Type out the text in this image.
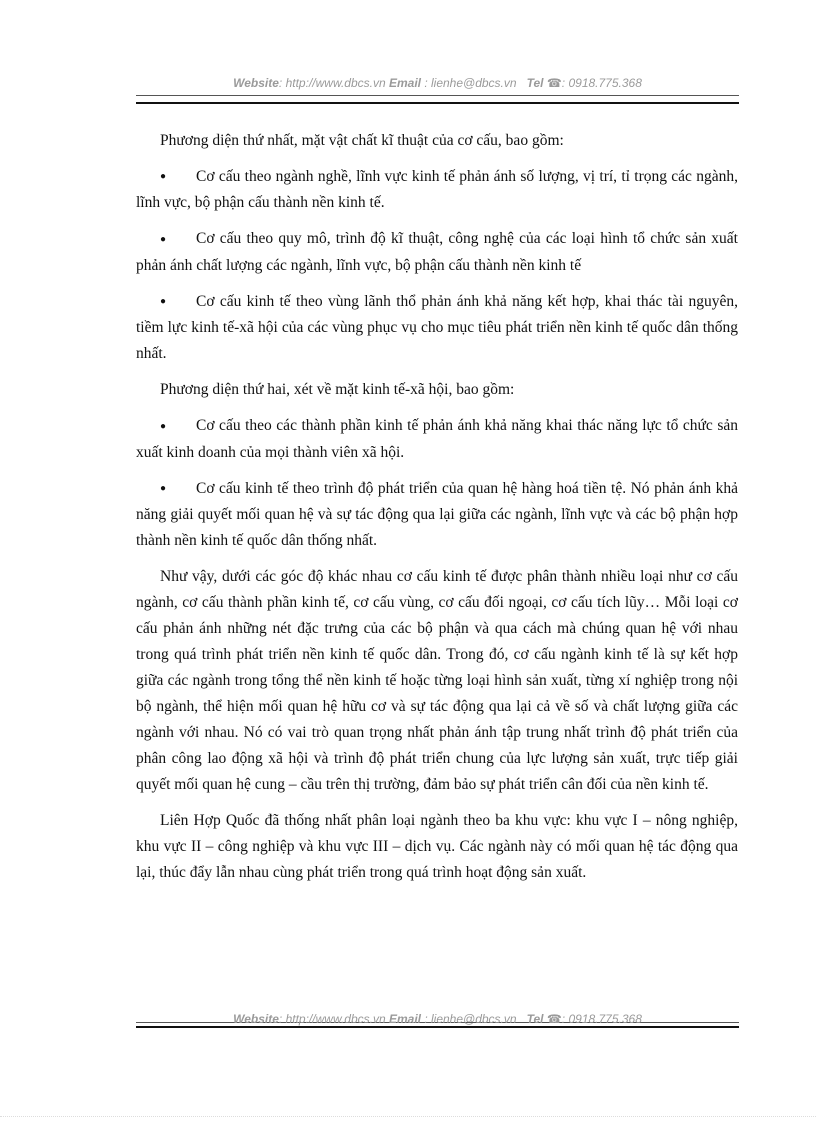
Website: http://www.dbcs.vn Email : lienhe@dbcs.vn Tel ☎: 0918.775.368

Phương diện thứ nhất, mặt vật chất kĩ thuật của cơ cấu, bao gồm:

● Cơ cấu theo ngành nghề, lĩnh vực kinh tế phản ánh số lượng, vị trí, tỉ trọng các ngành, lĩnh vực, bộ phận cấu thành nền kinh tế.

● Cơ cấu theo quy mô, trình độ kĩ thuật, công nghệ của các loại hình tổ chức sản xuất phản ánh chất lượng các ngành, lĩnh vực, bộ phận cấu thành nền kinh tế

● Cơ cấu kinh tế theo vùng lãnh thổ phản ánh khả năng kết hợp, khai thác tài nguyên, tiềm lực kinh tế-xã hội của các vùng phục vụ cho mục tiêu phát triển nền kinh tế quốc dân thống nhất.

Phương diện thứ hai, xét về mặt kinh tế-xã hội, bao gồm:

● Cơ cấu theo các thành phần kinh tế phản ánh khả năng khai thác năng lực tổ chức sản xuất kinh doanh của mọi thành viên xã hội.

● Cơ cấu kinh tế theo trình độ phát triển của quan hệ hàng hoá tiền tệ. Nó phản ánh khả năng giải quyết mối quan hệ và sự tác động qua lại giữa các ngành, lĩnh vực và các bộ phận hợp thành nền kinh tế quốc dân thống nhất.

Như vậy, dưới các góc độ khác nhau cơ cấu kinh tế được phân thành nhiều loại như cơ cấu ngành, cơ cấu thành phần kinh tế, cơ cấu vùng, cơ cấu đối ngoại, cơ cấu tích lũy… Mỗi loại cơ cấu phản ánh những nét đặc trưng của các bộ phận và qua cách mà chúng quan hệ với nhau trong quá trình phát triển nền kinh tế quốc dân. Trong đó, cơ cấu ngành kinh tế là sự kết hợp giữa các ngành trong tổng thể nền kinh tế hoặc từng loại hình sản xuất, từng xí nghiệp trong nội bộ ngành, thể hiện mối quan hệ hữu cơ và sự tác động qua lại cả về số và chất lượng giữa các ngành với nhau. Nó có vai trò quan trọng nhất phản ánh tập trung nhất trình độ phát triển của phân công lao động xã hội và trình độ phát triển chung của lực lượng sản xuất, trực tiếp giải quyết mối quan hệ cung – cầu trên thị trường, đảm bảo sự phát triển cân đối của nền kinh tế.

Liên Hợp Quốc đã thống nhất phân loại ngành theo ba khu vực: khu vực I – nông nghiệp, khu vực II – công nghiệp và khu vực III – dịch vụ. Các ngành này có mối quan hệ tác động qua lại, thúc đẩy lẫn nhau cùng phát triển trong quá trình hoạt động sản xuất.

Website: http://www.dbcs.vn Email : lienhe@dbcs.vn Tel ☎: 0918.775.368
